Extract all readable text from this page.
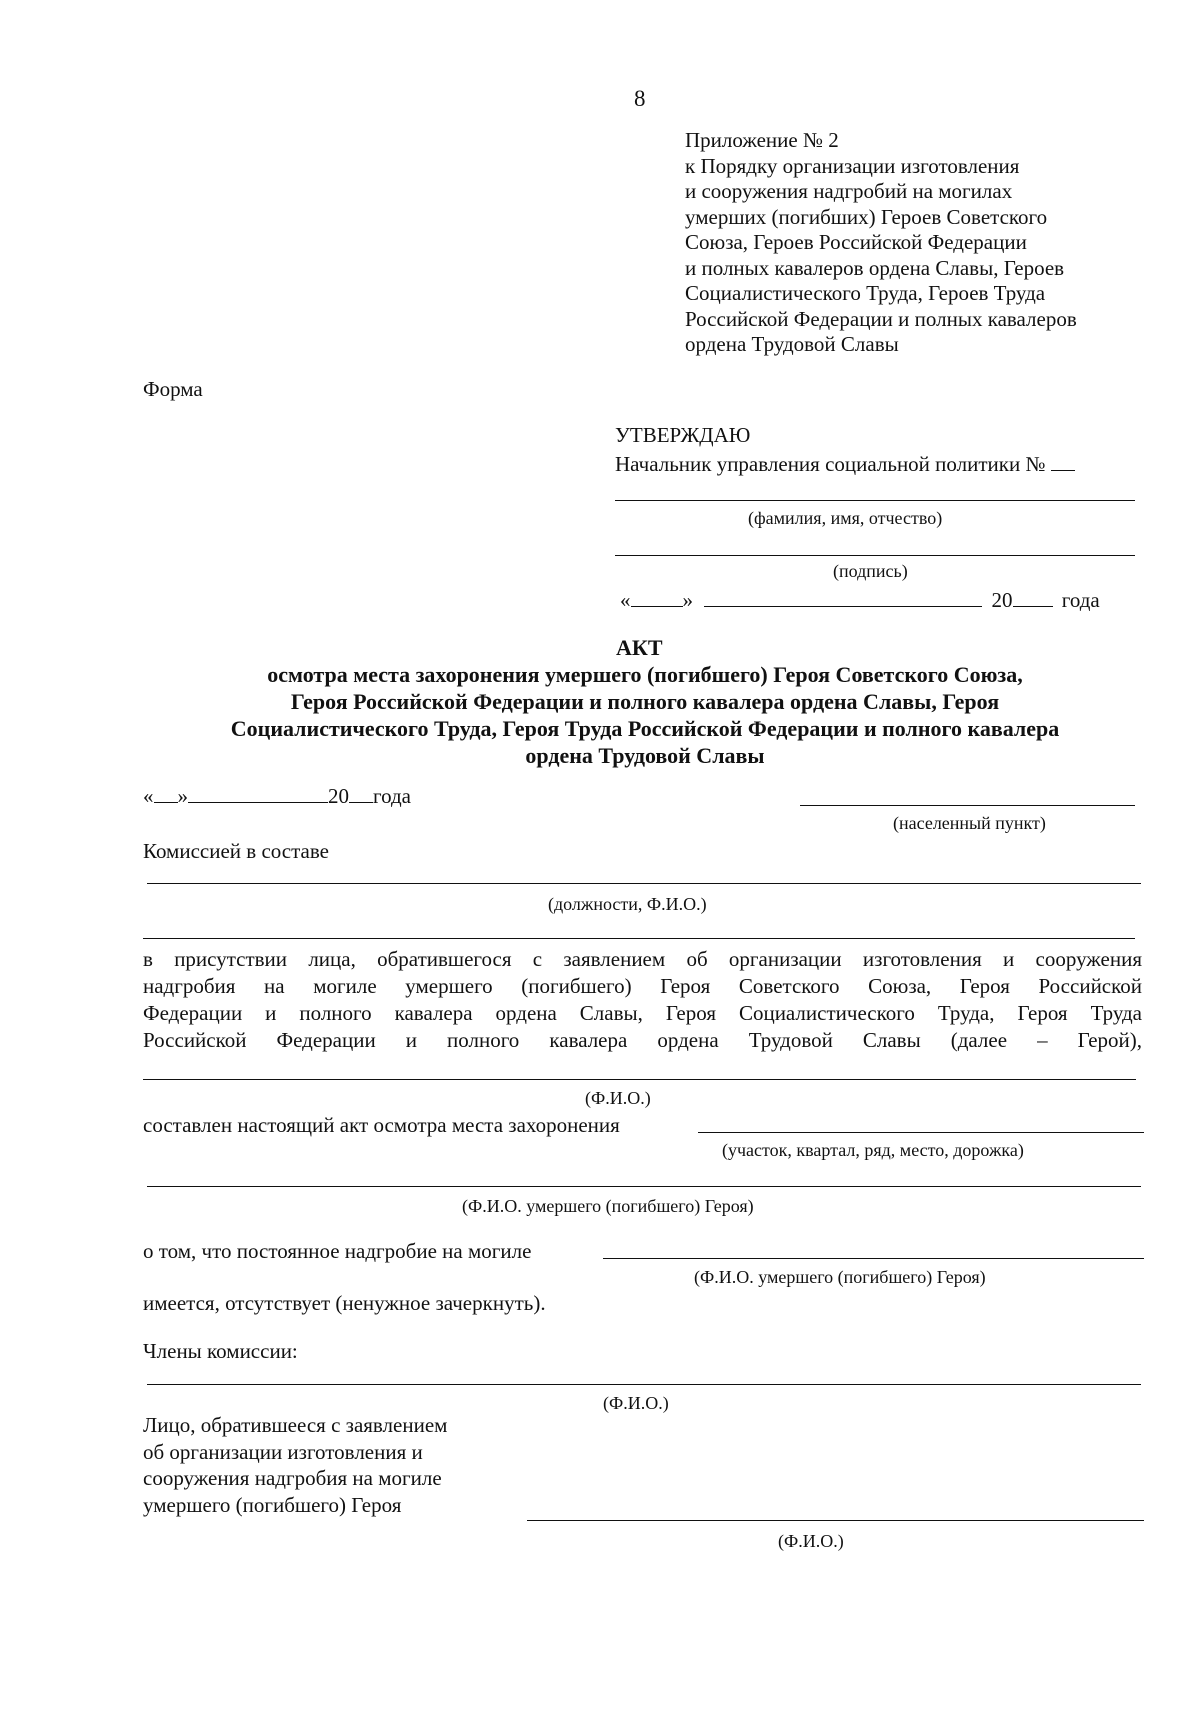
8
Приложение № 2
к Порядку организации изготовления
и сооружения надгробий на могилах
умерших (погибших) Героев Советского
Союза, Героев Российской Федерации
и полных кавалеров ордена Славы, Героев
Социалистического Труда, Героев Труда
Российской Федерации и полных кавалеров
ордена Трудовой Славы
Форма
УТВЕРЖДАЮ
Начальник управления социальной политики №
(фамилия, имя, отчество)
(подпись)
« »	20 года
АКТ
осмотра места захоронения умершего (погибшего) Героя Советского Союза,
Героя Российской Федерации и полного кавалера ордена Славы, Героя
Социалистического Труда, Героя Труда Российской Федерации и полного кавалера
ордена Трудовой Славы
« »	20 года
(населенный пункт)
Комиссией в составе
(должности, Ф.И.О.)
в присутствии лица, обратившегося с заявлением об организации изготовления и сооружения
надгробия на могиле умершего (погибшего) Героя Советского Союза, Героя Российской
Федерации и полного кавалера ордена Славы, Героя Социалистического Труда, Героя Труда
Российской Федерации и полного кавалера ордена Трудовой Славы (далее – Герой),
(Ф.И.О.)
составлен настоящий акт осмотра места захоронения
(участок, квартал, ряд, место, дорожка)
(Ф.И.О. умершего (погибшего) Героя)
о том, что постоянное надгробие на могиле
(Ф.И.О. умершего (погибшего) Героя)
имеется, отсутствует (ненужное зачеркнуть).
Члены комиссии:
(Ф.И.О.)
Лицо, обратившееся с заявлением
об организации изготовления и
сооружения надгробия на могиле
умершего (погибшего) Героя
(Ф.И.О.)
